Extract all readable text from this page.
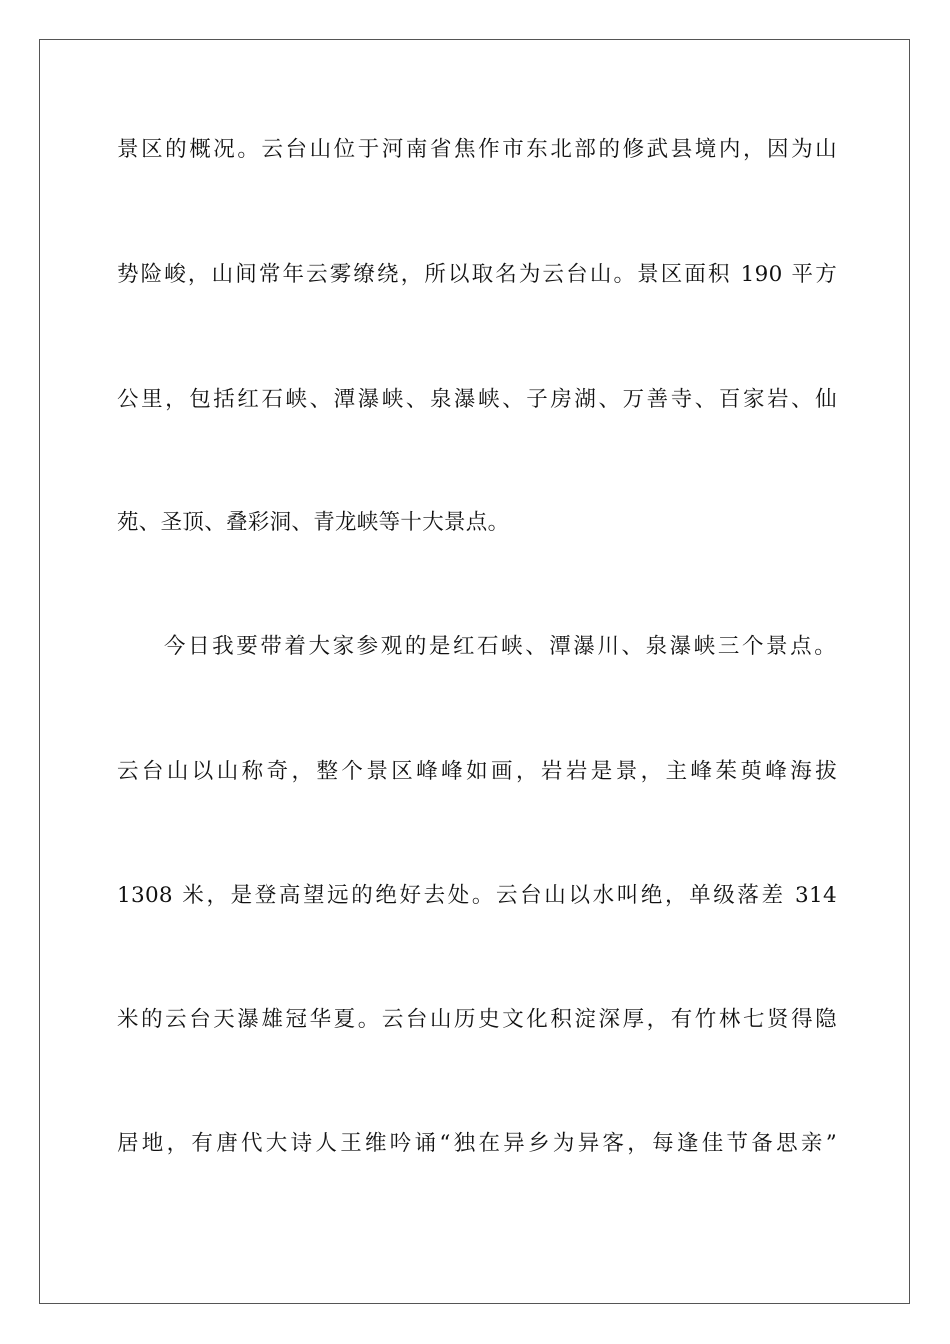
景区的概况。云台山位于河南省焦作市东北部的修武县境内，因为山
势险峻，山间常年云雾缭绕，所以取名为云台山。景区面积 190 平方
公里，包括红石峡、潭瀑峡、泉瀑峡、子房湖、万善寺、百家岩、仙
苑、圣顶、叠彩洞、青龙峡等十大景点。
今日我要带着大家参观的是红石峡、潭瀑川、泉瀑峡三个景点。
云台山以山称奇，整个景区峰峰如画，岩岩是景，主峰茱萸峰海拔
1308 米，是登高望远的绝好去处。云台山以水叫绝，单级落差 314
米的云台天瀑雄冠华夏。云台山历史文化积淀深厚，有竹林七贤得隐
居地，有唐代大诗人王维吟诵“独在异乡为异客，每逢佳节备思亲”
